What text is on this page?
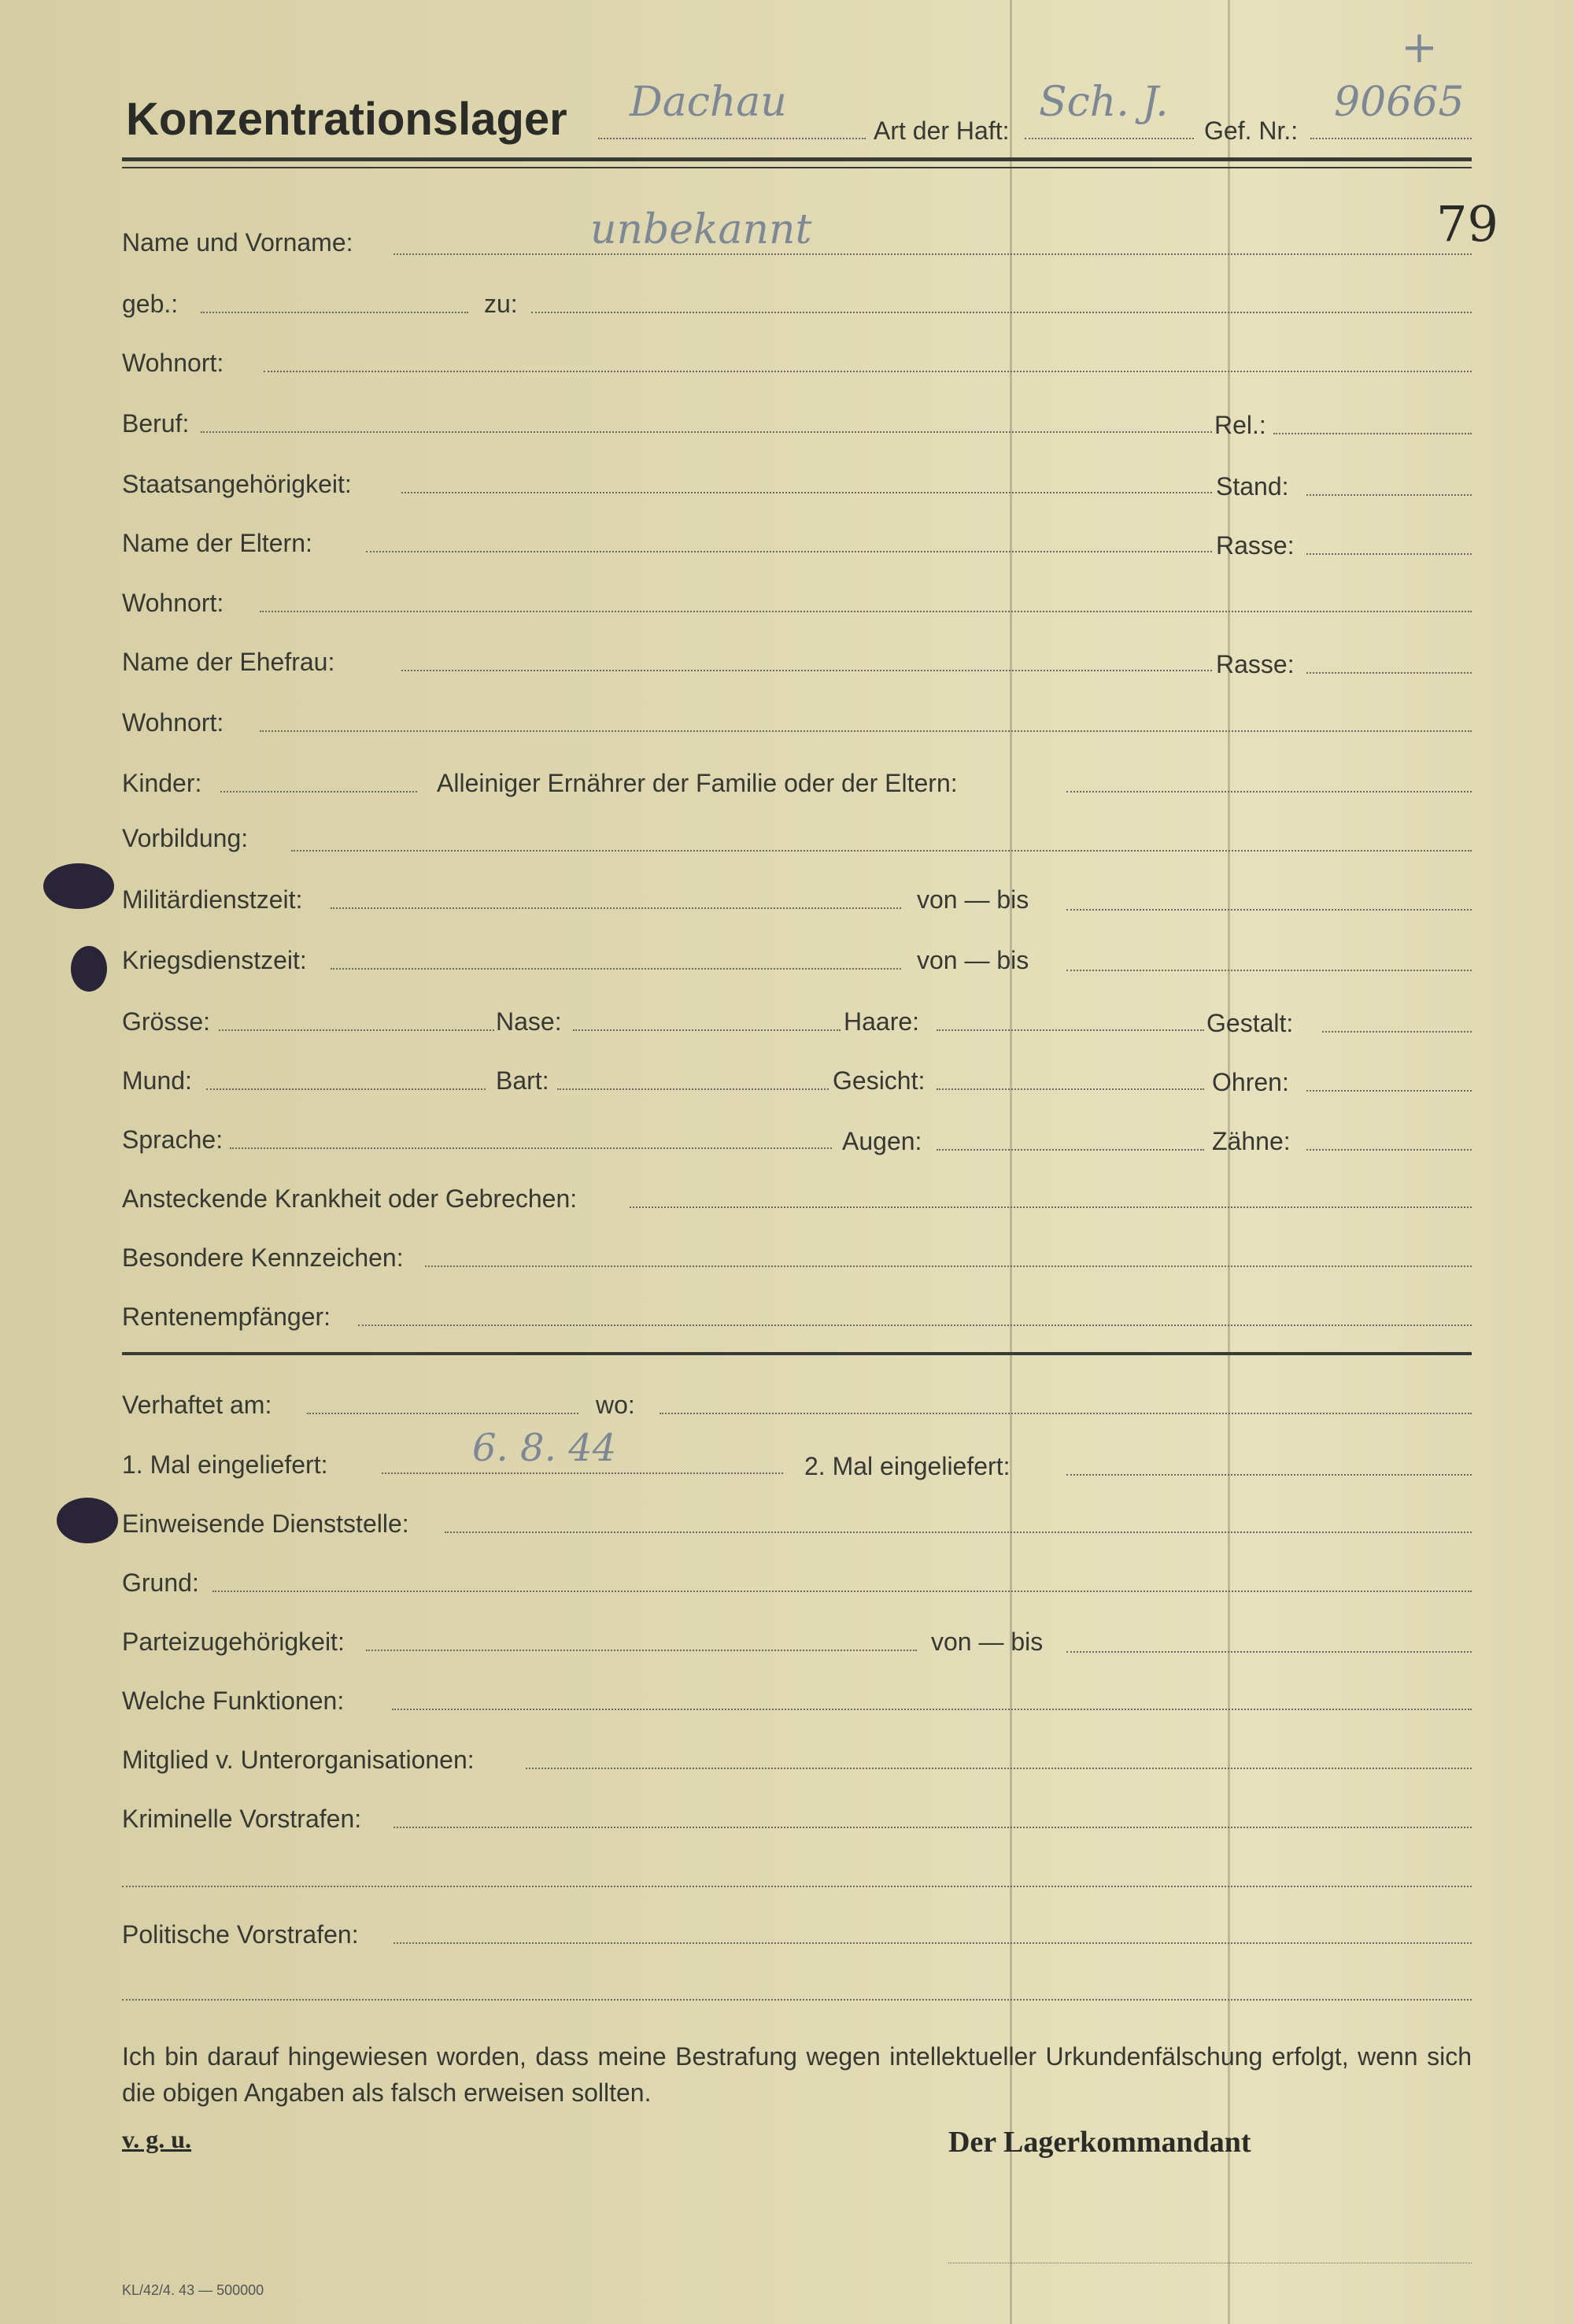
Konzentrationslager Dachau
Art der Haft:
Sch. J.
Gef. Nr.:
90665
+
79
Name und Vorname:	unbekannt
geb.:	zu:
Wohnort:
Beruf:	Rel.:
Staatsangehörigkeit:	Stand:
Name der Eltern:	Rasse:
Wohnort:
Name der Ehefrau:	Rasse:
Wohnort:
Kinder:	Alleiniger Ernährer der Familie oder der Eltern:
Vorbildung:
Militärdienstzeit:	von — bis
Kriegsdienstzeit:	von — bis
Grösse:	Nase:	Haare:	Gestalt:
Mund:	Bart:	Gesicht:	Ohren:
Sprache:	Augen:	Zähne:
Ansteckende Krankheit oder Gebrechen:
Besondere Kennzeichen:
Rentenempfänger:
Verhaftet am:	wo:
1. Mal eingeliefert:	6. 8. 44	2. Mal eingeliefert:
Einweisende Dienststelle:
Grund:
Parteizugehörigkeit:	von — bis
Welche Funktionen:
Mitglied v. Unterorganisationen:
Kriminelle Vorstrafen:
Politische Vorstrafen:
Ich bin darauf hingewiesen worden, dass meine Bestrafung wegen intellektueller Urkundenfälschung erfolgt, wenn sich die obigen Angaben als falsch erweisen sollten.
v. g. u.	Der Lagerkommandant
KL/42/4. 43 — 500000
